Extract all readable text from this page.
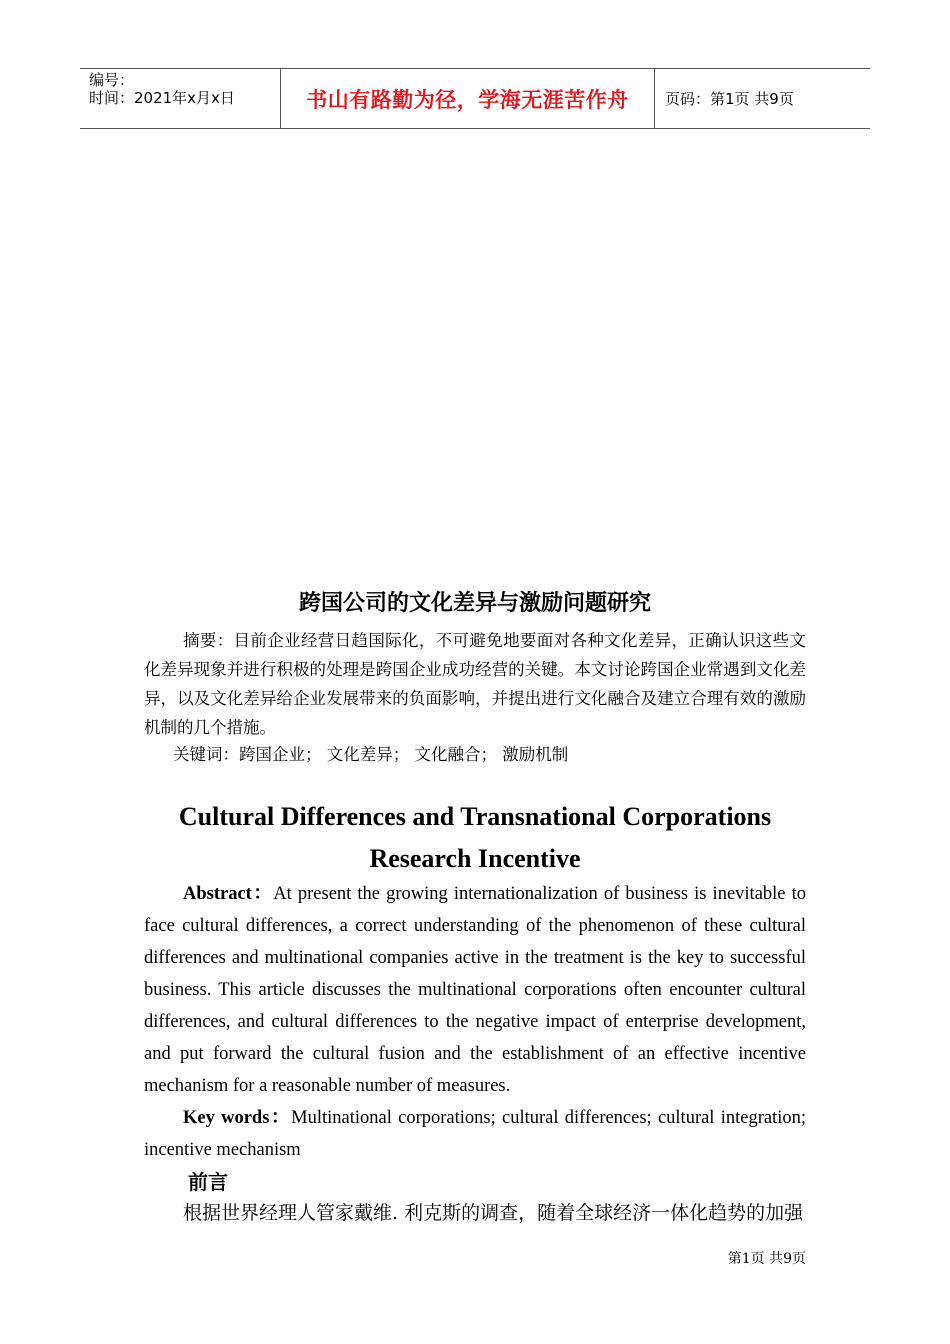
编号：
时间：2021年x月x日	书山有路勤为径，学海无涯苦作舟	页码：第1页 共9页
跨国公司的文化差异与激励问题研究
摘要：目前企业经营日趋国际化，不可避免地要面对各种文化差异，正确认识这些文化差异现象并进行积极的处理是跨国企业成功经营的关键。本文讨论跨国企业常遇到文化差异，以及文化差异给企业发展带来的负面影响，并提出进行文化融合及建立合理有效的激励机制的几个措施。
关键词：跨国企业； 文化差异； 文化融合； 激励机制
Cultural Differences and Transnational Corporations
Research Incentive

Abstract：At present the growing internationalization of business is inevitable to face cultural differences, a correct understanding of the phenomenon of these cultural differences and multinational companies active in the treatment is the key to successful business. This article discusses the multinational corporations often encounter cultural differences, and cultural differences to the negative impact of enterprise development, and put forward the cultural fusion and the establishment of an effective incentive mechanism for a reasonable number of measures.

Key words：Multinational corporations; cultural differences; cultural integration; incentive mechanism

前言
根据世界经理人管家戴维. 利克斯的调查，随着全球经济一体化趋势的加强
第1页 共9页
